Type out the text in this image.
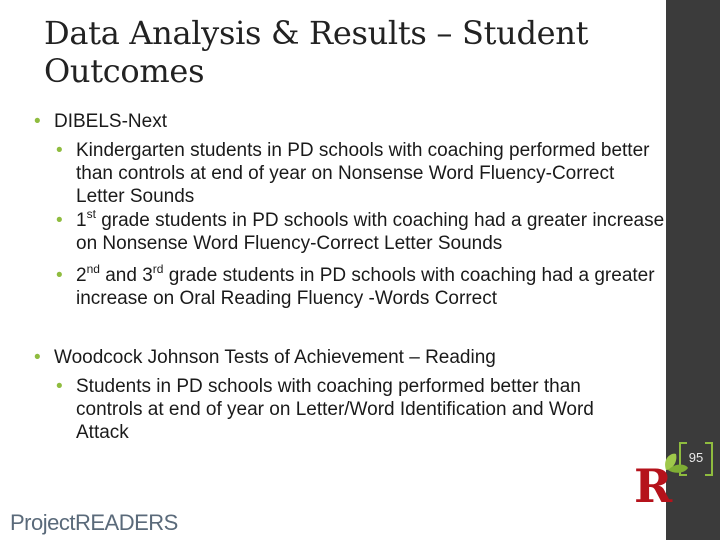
Data Analysis & Results – Student Outcomes
• DIBELS-Next
• Kindergarten students in PD schools with coaching performed better than controls at end of year on Nonsense Word Fluency-Correct Letter Sounds
• 1st grade students in PD schools with coaching had a greater increase on Nonsense Word Fluency-Correct Letter Sounds
• 2nd and 3rd grade students in PD schools with coaching had a greater increase on Oral Reading Fluency -Words Correct
• Woodcock Johnson Tests of Achievement – Reading
• Students in PD schools with coaching performed better than controls at end of year on Letter/Word Identification and Word Attack
95
R
ProjectREADERS
